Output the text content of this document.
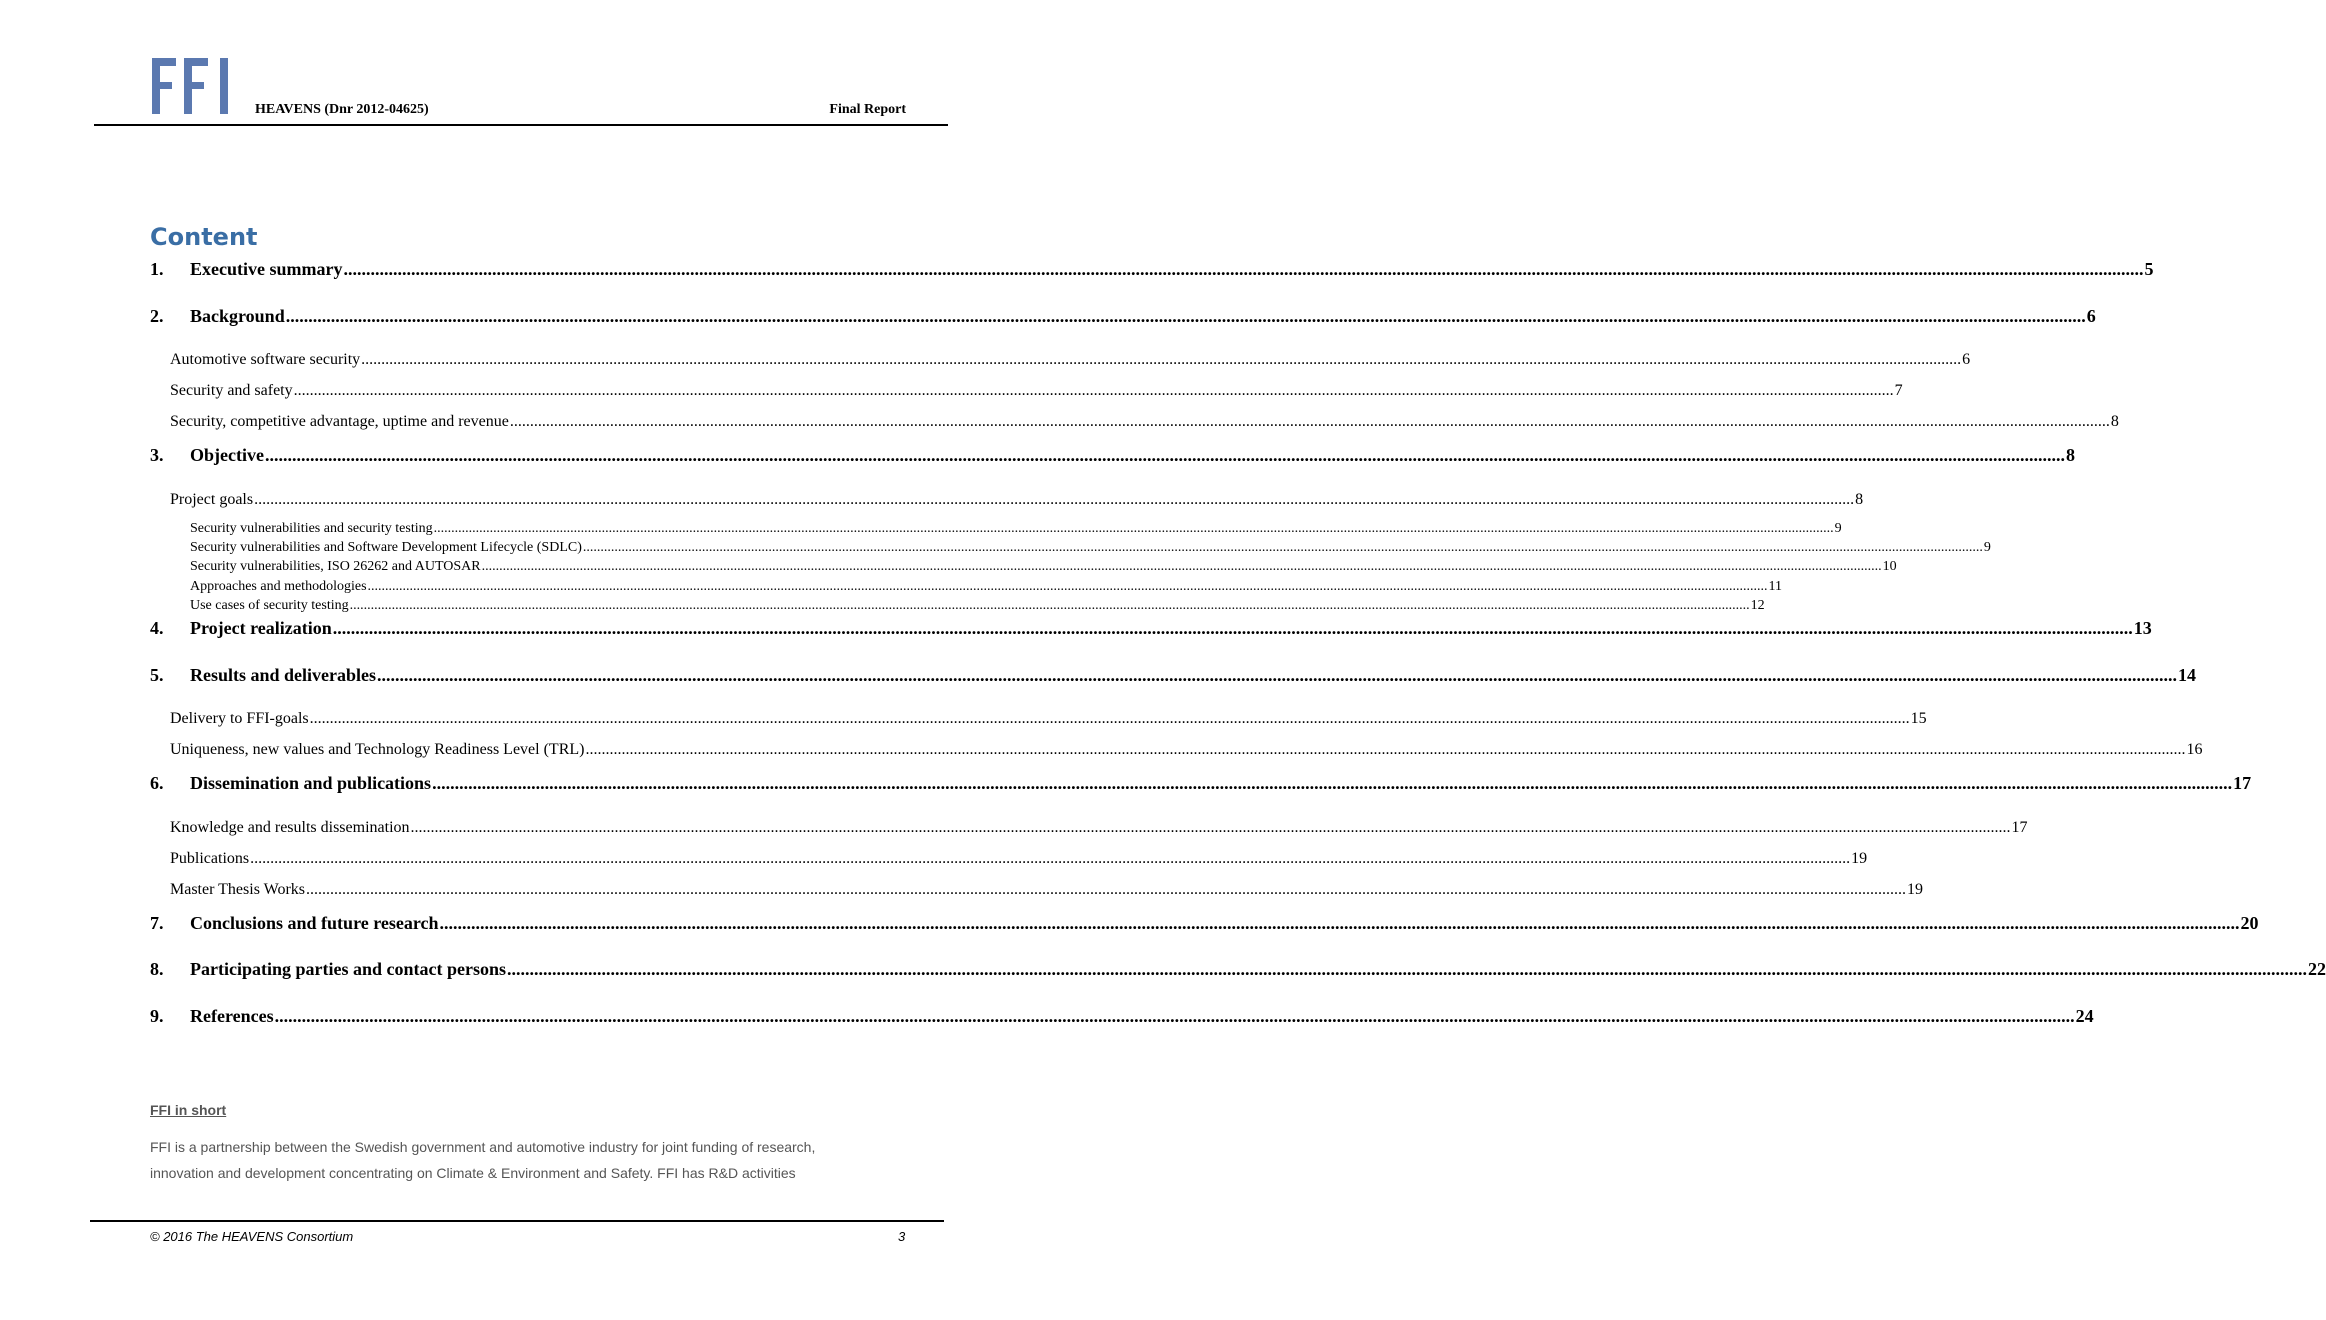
HEAVENS (Dnr 2012-04625)	Final Report
Content
1. Executive summary ................................................................................................................................................................................................................................................................................................................................................................................................................ 5
2. Background ................................................................................................................................................................................................................................................................................................................................................................................................................ 6
Automotive software security ................................................................................................................................................................................................................................................................................................................................................................................................................ 6
Security and safety ................................................................................................................................................................................................................................................................................................................................................................................................................ 7
Security, competitive advantage, uptime and revenue ................................................................................................................................................................................................................................................................................................................................................................................................................ 8
3. Objective ................................................................................................................................................................................................................................................................................................................................................................................................................ 8
Project goals ................................................................................................................................................................................................................................................................................................................................................................................................................ 8
Security vulnerabilities and security testing ................................................................................................................................................................................................................................................................................................................................................................................................................ 9
Security vulnerabilities and Software Development Lifecycle (SDLC) ................................................................................................................................................................................................................................................................................................................................................................................................................ 9
Security vulnerabilities, ISO 26262 and AUTOSAR ................................................................................................................................................................................................................................................................................................................................................................................................................ 10
Approaches and methodologies ................................................................................................................................................................................................................................................................................................................................................................................................................ 11
Use cases of security testing ................................................................................................................................................................................................................................................................................................................................................................................................................ 12
4. Project realization ................................................................................................................................................................................................................................................................................................................................................................................................................ 13
5. Results and deliverables ................................................................................................................................................................................................................................................................................................................................................................................................................ 14
Delivery to FFI-goals ................................................................................................................................................................................................................................................................................................................................................................................................................ 15
Uniqueness, new values and Technology Readiness Level (TRL) ................................................................................................................................................................................................................................................................................................................................................................................................................ 16
6. Dissemination and publications ................................................................................................................................................................................................................................................................................................................................................................................................................ 17
Knowledge and results dissemination ................................................................................................................................................................................................................................................................................................................................................................................................................ 17
Publications ................................................................................................................................................................................................................................................................................................................................................................................................................ 19
Master Thesis Works ................................................................................................................................................................................................................................................................................................................................................................................................................ 19
7. Conclusions and future research ................................................................................................................................................................................................................................................................................................................................................................................................................ 20
8. Participating parties and contact persons ................................................................................................................................................................................................................................................................................................................................................................................................................ 22
9. References ................................................................................................................................................................................................................................................................................................................................................................................................................ 24
FFI in short

FFI is a partnership between the Swedish government and automotive industry for joint funding of research, innovation and development concentrating on Climate & Environment and Safety. FFI has R&D activities

© 2016 The HEAVENS Consortium	3
